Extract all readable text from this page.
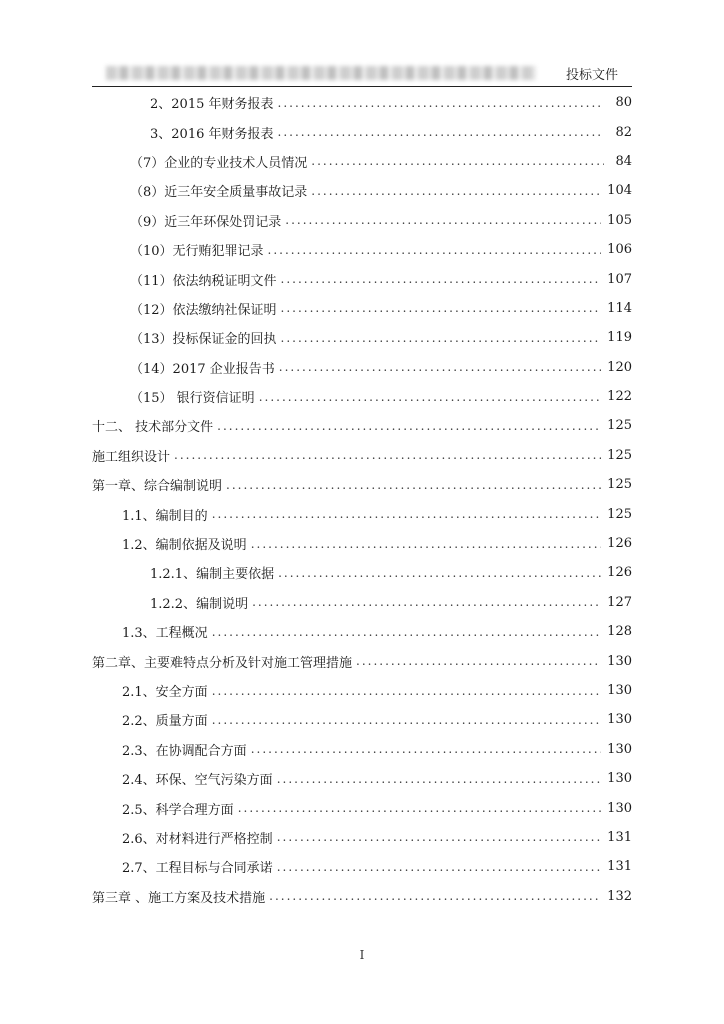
投标文件
2、2015 年财务报表 .....	80
3、2016 年财务报表 .....	82
（7）企业的专业技术人员情况 .....	84
（8）近三年安全质量事故记录 .....	104
（9）近三年环保处罚记录 .....	105
（10）无行贿犯罪记录 .....	106
（11）依法纳税证明文件 .....	107
（12）依法缴纳社保证明 .....	114
（13）投标保证金的回执 .....	119
（14）2017 企业报告书 .....	120
（15） 银行资信证明 .....	122
十二、 技术部分文件 .....	125
施工组织设计 .....	125
第一章、综合编制说明 .....	125
1.1、编制目的 .....	125
1.2、编制依据及说明 .....	126
1.2.1、编制主要依据 .....	126
1.2.2、编制说明 .....	127
1.3、工程概况 .....	128
第二章、主要难特点分析及针对施工管理措施 .....	130
2.1、安全方面 .....	130
2.2、质量方面 .....	130
2.3、在协调配合方面 .....	130
2.4、环保、空气污染方面 .....	130
2.5、科学合理方面 .....	130
2.6、对材料进行严格控制 .....	131
2.7、工程目标与合同承诺 .....	131
第三章 、施工方案及技术措施 .....	132
I
